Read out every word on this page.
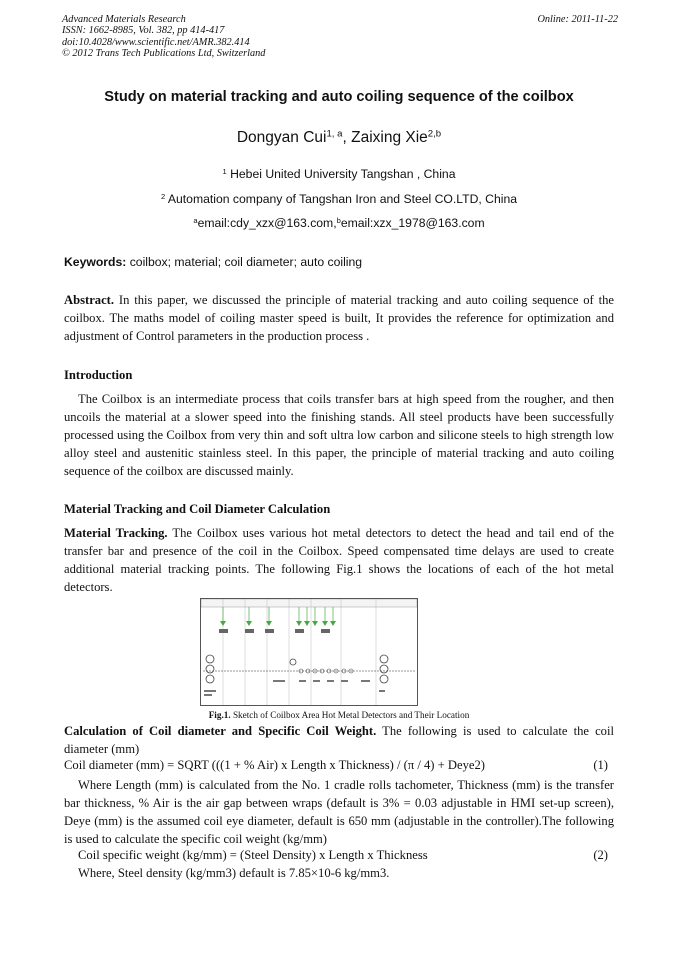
Advanced Materials Research
ISSN: 1662-8985, Vol. 382, pp 414-417
doi:10.4028/www.scientific.net/AMR.382.414
© 2012 Trans Tech Publications Ltd, Switzerland
Online: 2011-11-22
Study on material tracking and auto coiling sequence of the coilbox
Dongyan Cui$^{1, a}$, Zaixing Xie$^{2,b}$
$^1$ Hebei United University Tangshan , China
$^2$ Automation company of Tangshan Iron and Steel CO.LTD, China
$^a$email:cdy_xzx@163.com,$^b$email:xzx_1978@163.com
Keywords: coilbox; material; coil diameter; auto coiling
Abstract. In this paper, we discussed the principle of material tracking and auto coiling sequence of the coilbox. The maths model of coiling master speed is built, It provides the reference for optimization and adjustment of Control parameters in the production process .
Introduction
The Coilbox is an intermediate process that coils transfer bars at high speed from the rougher, and then uncoils the material at a slower speed into the finishing stands. All steel products have been successfully processed using the Coilbox from very thin and soft ultra low carbon and silicone steels to high strength low alloy steel and austenitic stainless steel. In this paper, the principle of material tracking and auto coiling sequence of the coilbox are discussed mainly.
Material Tracking and Coil Diameter Calculation
Material Tracking. The Coilbox uses various hot metal detectors to detect the head and tail end of the transfer bar and presence of the coil in the Coilbox. Speed compensated time delays are used to create additional material tracking points. The following Fig.1 shows the locations of each of the hot metal detectors.
Fig.1. Sketch of Coilbox Area Hot Metal Detectors and Their Location
Calculation of Coil diameter and Specific Coil Weight. The following is used to calculate the coil diameter (mm)
Coil diameter (mm) = SQRT (((1 + % Air) x Length x Thickness) / (π / 4) + Deye2)	(1)
Where Length (mm) is calculated from the No. 1 cradle rolls tachometer, Thickness (mm) is the transfer bar thickness, % Air is the air gap between wraps (default is 3% = 0.03 adjustable in HMI set-up screen), Deye (mm) is the assumed coil eye diameter, default is 650 mm (adjustable in the controller).The following is used to calculate the specific coil weight (kg/mm)
Coil specific weight (kg/mm) = (Steel Density) x Length x Thickness	(2)
Where, Steel density (kg/mm3) default is 7.85×10-6 kg/mm3.
